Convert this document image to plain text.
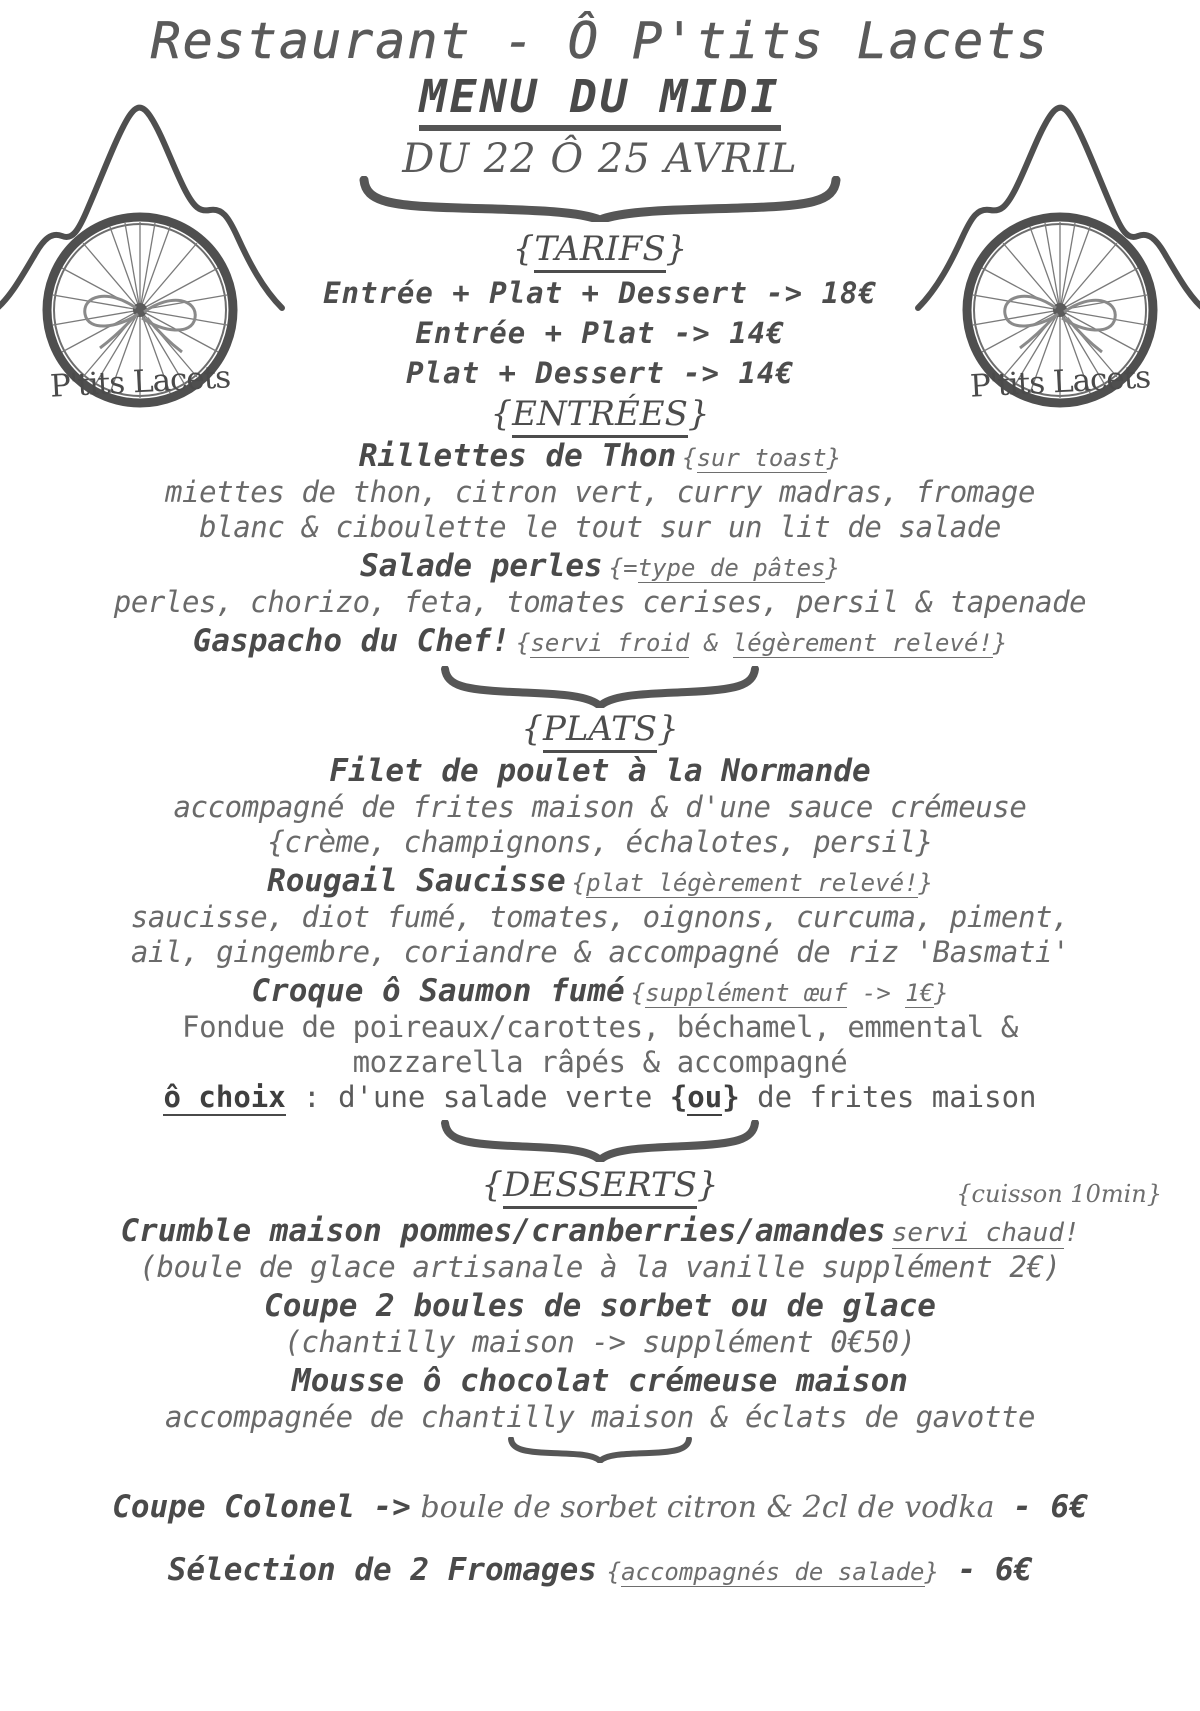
P'tits Lacets	P'tits Lacets
Restaurant - Ô P'tits Lacets
MENU DU MIDI
DU 22 Ô 25 AVRIL
{TARIFS}
Entrée + Plat + Dessert -> 18€
Entrée + Plat -> 14€
Plat + Dessert -> 14€
{ENTRÉES}
Rillettes de Thon {sur toast}
miettes de thon, citron vert, curry madras, fromage
blanc & ciboulette le tout sur un lit de salade
Salade perles {=type de pâtes}
perles, chorizo, feta, tomates cerises, persil & tapenade
Gaspacho du Chef! {servi froid & légèrement relevé!}
{PLATS}
Filet de poulet à la Normande
accompagné de frites maison & d'une sauce crémeuse
{crème, champignons, échalotes, persil}
Rougail Saucisse {plat légèrement relevé!}
saucisse, diot fumé, tomates, oignons, curcuma, piment,
ail, gingembre, coriandre & accompagné de riz 'Basmati'
Croque ô Saumon fumé {supplément œuf -> 1€}
Fondue de poireaux/carottes, béchamel, emmental &
mozzarella râpés & accompagné
ô choix : d'une salade verte {ou} de frites maison
{DESSERTS}	{cuisson 10min}
Crumble maison pommes/cranberries/amandes servi chaud!
(boule de glace artisanale à la vanille supplément 2€)
Coupe 2 boules de sorbet ou de glace
(chantilly maison -> supplément 0€50)
Mousse ô chocolat crémeuse maison
accompagnée de chantilly maison & éclats de gavotte
Coupe Colonel -> boule de sorbet citron & 2cl de vodka - 6€
Sélection de 2 Fromages {accompagnés de salade} - 6€
